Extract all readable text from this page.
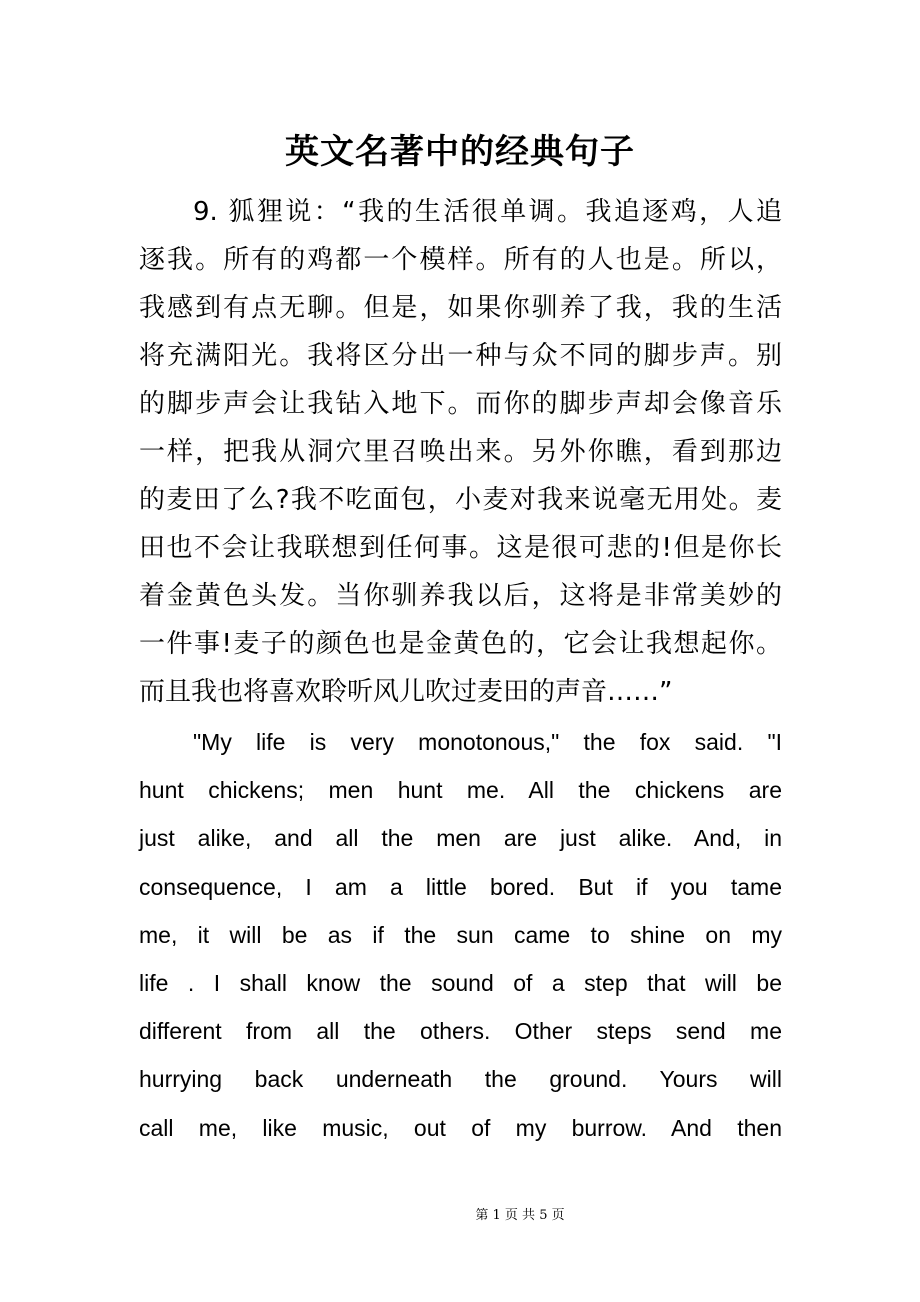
英文名著中的经典句子
9. 狐狸说：“我的生活很单调。我追逐鸡，人追
逐我。所有的鸡都一个模样。所有的人也是。所以，
我感到有点无聊。但是，如果你驯养了我，我的生活
将充满阳光。我将区分出一种与众不同的脚步声。别
的脚步声会让我钻入地下。而你的脚步声却会像音乐
一样，把我从洞穴里召唤出来。另外你瞧，看到那边
的麦田了么?我不吃面包，小麦对我来说毫无用处。麦
田也不会让我联想到任何事。这是很可悲的!但是你长
着金黄色头发。当你驯养我以后，这将是非常美妙的
一件事!麦子的颜色也是金黄色的，它会让我想起你。
而且我也将喜欢聆听风儿吹过麦田的声音……”
"My life is very monotonous," the fox said. "I
hunt chickens; men hunt me. All the chickens are
just alike, and all the men are just alike. And, in
consequence, I am a little bored. But if you tame
me, it will be as if the sun came to shine on my
life . I shall know the sound of a step that will be
different from all the others. Other steps send me
hurrying back underneath the ground. Yours will
call me, like music, out of my burrow. And then
第 1 页 共 5 页
